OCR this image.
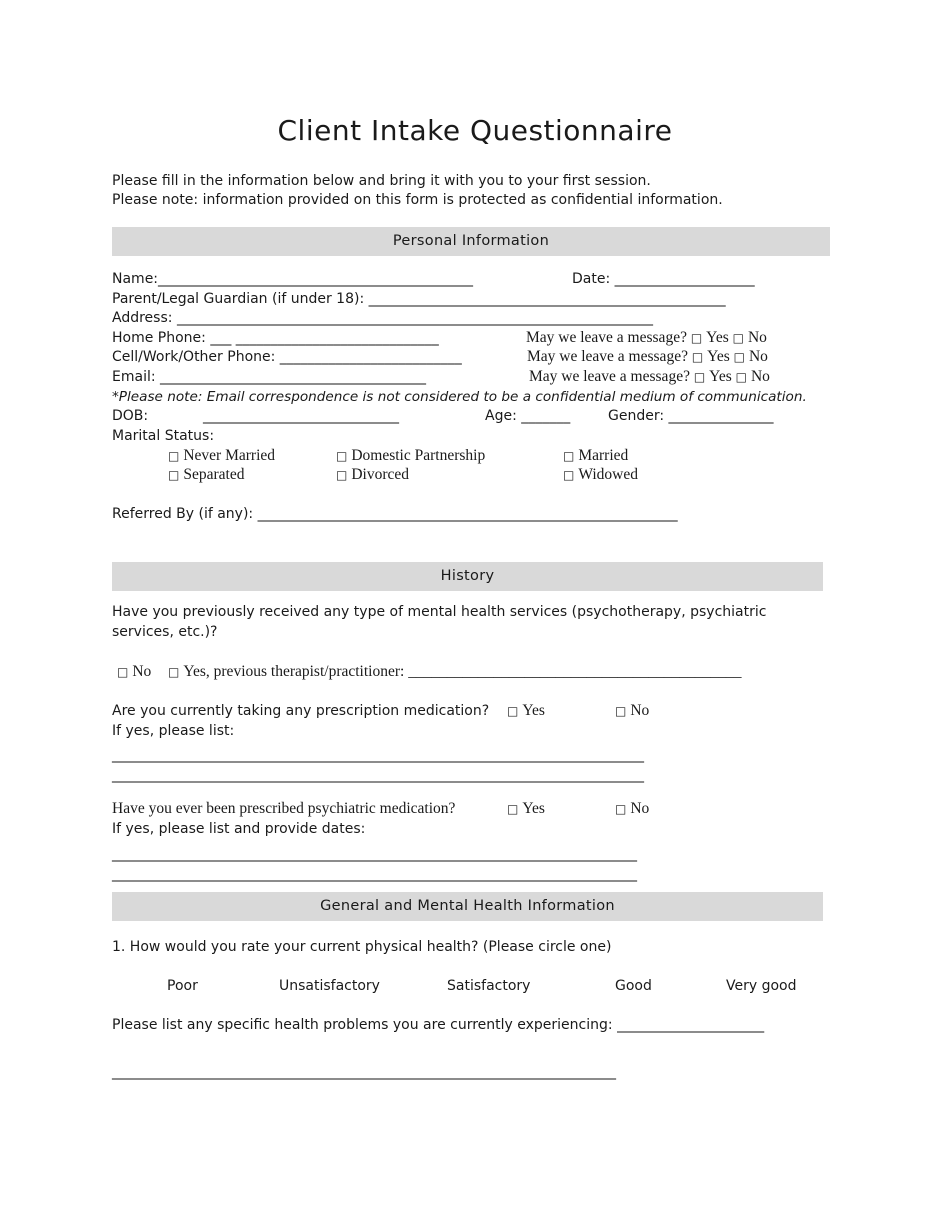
Client Intake Questionnaire
Please fill in the information below and bring it with you to your first session.
Please note: information provided on this form is protected as confidential information.
Personal Information
Name:_____________________________________________	Date: ____________________
Parent/Legal Guardian (if under 18): ___________________________________________________
Address: ____________________________________________________________________
Home Phone: ___ _____________________________	May we leave a message? □ Yes □ No
Cell/Work/Other Phone: __________________________	May we leave a message? □ Yes □ No
Email: ______________________________________	May we leave a message? □ Yes □ No
*Please note: Email correspondence is not considered to be a confidential medium of communication.
DOB:	____________________________	Age: _______	Gender: _______________
Marital Status:
□ Never Married	□ Domestic Partnership	□ Married
□ Separated	□ Divorced	□ Widowed
Referred By (if any): ____________________________________________________________
History
Have you previously received any type of mental health services (psychotherapy, psychiatric services, etc.)?
□ No □ Yes, previous therapist/practitioner: ___________________________________________
Are you currently taking any prescription medication? □ Yes	□ No
If yes, please list:
____________________________________________________________________________
____________________________________________________________________________
Have you ever been prescribed psychiatric medication?	□ Yes	□ No
If yes, please list and provide dates:
___________________________________________________________________________
___________________________________________________________________________
General and Mental Health Information
1. How would you rate your current physical health? (Please circle one)
Poor	Unsatisfactory	Satisfactory	Good	Very good
Please list any specific health problems you are currently experiencing: _____________________
________________________________________________________________________
